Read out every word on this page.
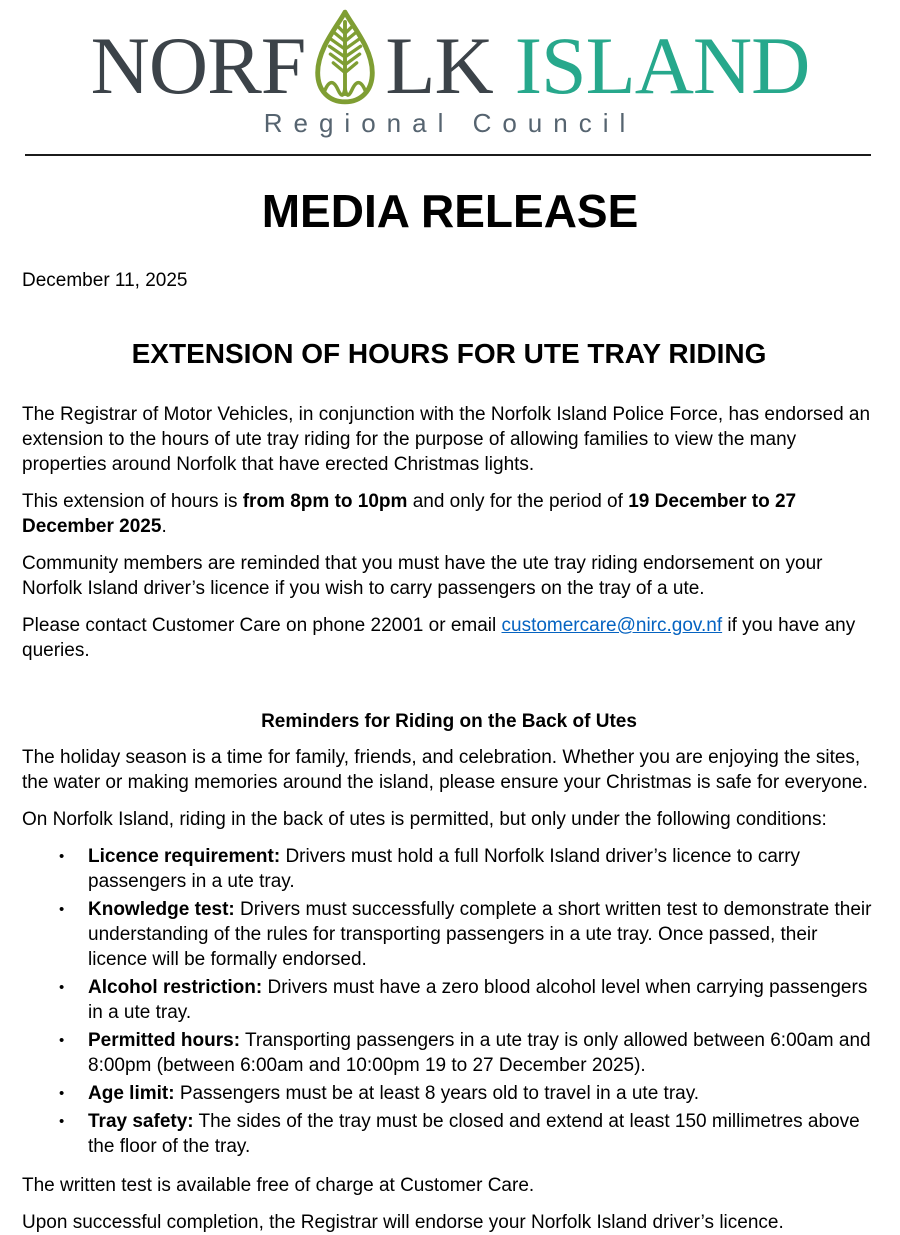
NORF LK ISLAND
Regional Council
MEDIA RELEASE
December 11, 2025
EXTENSION OF HOURS FOR UTE TRAY RIDING

The Registrar of Motor Vehicles, in conjunction with the Norfolk Island Police Force, has endorsed an extension to the hours of ute tray riding for the purpose of allowing families to view the many properties around Norfolk that have erected Christmas lights.

This extension of hours is from 8pm to 10pm and only for the period of 19 December to 27 December 2025.

Community members are reminded that you must have the ute tray riding endorsement on your Norfolk Island driver’s licence if you wish to carry passengers on the tray of a ute.

Please contact Customer Care on phone 22001 or email customercare@nirc.gov.nf if you have any queries.

Reminders for Riding on the Back of Utes

The holiday season is a time for family, friends, and celebration. Whether you are enjoying the sites, the water or making memories around the island, please ensure your Christmas is safe for everyone.

On Norfolk Island, riding in the back of utes is permitted, but only under the following conditions:

• Licence requirement: Drivers must hold a full Norfolk Island driver’s licence to carry passengers in a ute tray.
• Knowledge test: Drivers must successfully complete a short written test to demonstrate their understanding of the rules for transporting passengers in a ute tray. Once passed, their licence will be formally endorsed.
• Alcohol restriction: Drivers must have a zero blood alcohol level when carrying passengers in a ute tray.
• Permitted hours: Transporting passengers in a ute tray is only allowed between 6:00am and 8:00pm (between 6:00am and 10:00pm 19 to 27 December 2025).
• Age limit: Passengers must be at least 8 years old to travel in a ute tray.
• Tray safety: The sides of the tray must be closed and extend at least 150 millimetres above the floor of the tray.

The written test is available free of charge at Customer Care.

Upon successful completion, the Registrar will endorse your Norfolk Island driver’s licence.
